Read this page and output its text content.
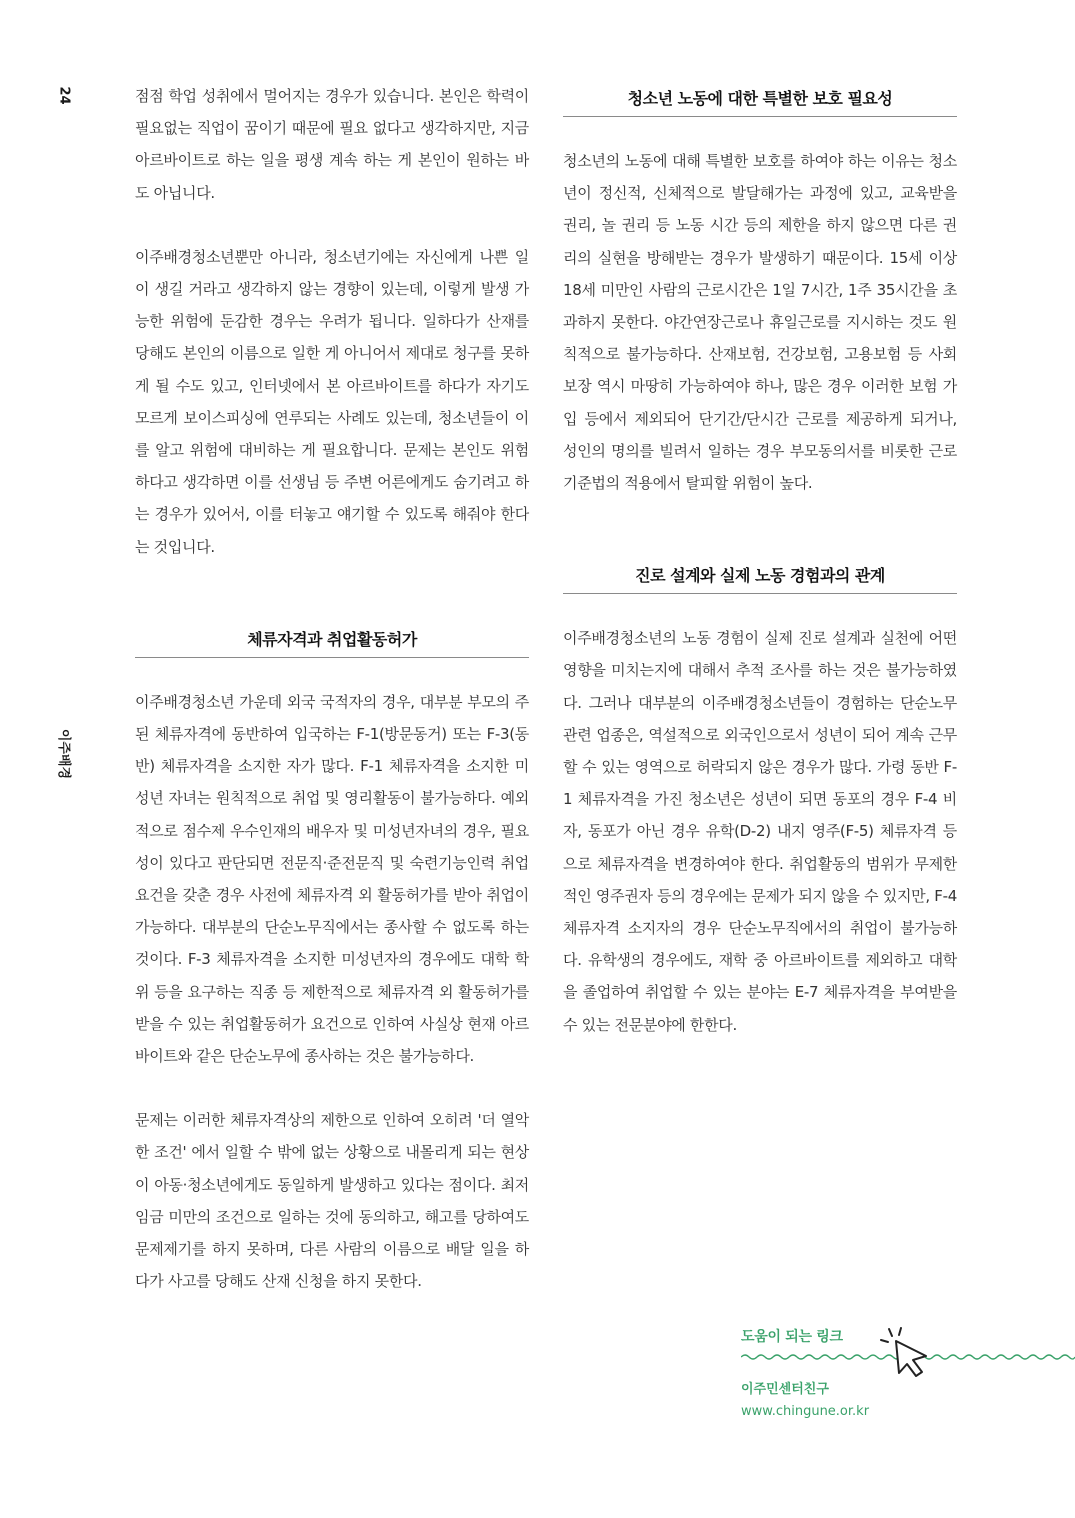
24
이주배경

점점 학업 성취에서 멀어지는 경우가 있습니다. 본인은 학력이 필요없는 직업이 꿈이기 때문에 필요 없다고 생각하지만, 지금 아르바이트로 하는 일을 평생 계속 하는 게 본인이 원하는 바도 아닙니다.

이주배경청소년뿐만 아니라, 청소년기에는 자신에게 나쁜 일이 생길 거라고 생각하지 않는 경향이 있는데, 이렇게 발생 가능한 위험에 둔감한 경우는 우려가 됩니다. 일하다가 산재를 당해도 본인의 이름으로 일한 게 아니어서 제대로 청구를 못하게 될 수도 있고, 인터넷에서 본 아르바이트를 하다가 자기도 모르게 보이스피싱에 연루되는 사례도 있는데, 청소년들이 이를 알고 위험에 대비하는 게 필요합니다. 문제는 본인도 위험하다고 생각하면 이를 선생님 등 주변 어른에게도 숨기려고 하는 경우가 있어서, 이를 터놓고 얘기할 수 있도록 해줘야 한다는 것입니다.

체류자격과 취업활동허가

이주배경청소년 가운데 외국 국적자의 경우, 대부분 부모의 주된 체류자격에 동반하여 입국하는 F-1(방문동거) 또는 F-3(동반) 체류자격을 소지한 자가 많다. F-1 체류자격을 소지한 미성년 자녀는 원칙적으로 취업 및 영리활동이 불가능하다. 예외적으로 점수제 우수인재의 배우자 및 미성년자녀의 경우, 필요성이 있다고 판단되면 전문직·준전문직 및 숙련기능인력 취업 요건을 갖춘 경우 사전에 체류자격 외 활동허가를 받아 취업이 가능하다. 대부분의 단순노무직에서는 종사할 수 없도록 하는 것이다. F-3 체류자격을 소지한 미성년자의 경우에도 대학 학위 등을 요구하는 직종 등 제한적으로 체류자격 외 활동허가를 받을 수 있는 취업활동허가 요건으로 인하여 사실상 현재 아르바이트와 같은 단순노무에 종사하는 것은 불가능하다.

문제는 이러한 체류자격상의 제한으로 인하여 오히려 '더 열악한 조건' 에서 일할 수 밖에 없는 상황으로 내몰리게 되는 현상이 아동·청소년에게도 동일하게 발생하고 있다는 점이다. 최저임금 미만의 조건으로 일하는 것에 동의하고, 해고를 당하여도 문제제기를 하지 못하며, 다른 사람의 이름으로 배달 일을 하다가 사고를 당해도 산재 신청을 하지 못한다.

청소년 노동에 대한 특별한 보호 필요성

청소년의 노동에 대해 특별한 보호를 하여야 하는 이유는 청소년이 정신적, 신체적으로 발달해가는 과정에 있고, 교육받을 권리, 놀 권리 등 노동 시간 등의 제한을 하지 않으면 다른 권리의 실현을 방해받는 경우가 발생하기 때문이다. 15세 이상 18세 미만인 사람의 근로시간은 1일 7시간, 1주 35시간을 초과하지 못한다. 야간연장근로나 휴일근로를 지시하는 것도 원칙적으로 불가능하다. 산재보험, 건강보험, 고용보험 등 사회보장 역시 마땅히 가능하여야 하나, 많은 경우 이러한 보험 가입 등에서 제외되어 단기간/단시간 근로를 제공하게 되거나, 성인의 명의를 빌려서 일하는 경우 부모동의서를 비롯한 근로기준법의 적용에서 탈피할 위험이 높다.

진로 설계와 실제 노동 경험과의 관계

이주배경청소년의 노동 경험이 실제 진로 설계과 실천에 어떤 영향을 미치는지에 대해서 추적 조사를 하는 것은 불가능하였다. 그러나 대부분의 이주배경청소년들이 경험하는 단순노무 관련 업종은, 역설적으로 외국인으로서 성년이 되어 계속 근무할 수 있는 영역으로 허락되지 않은 경우가 많다. 가령 동반 F-1 체류자격을 가진 청소년은 성년이 되면 동포의 경우 F-4 비자, 동포가 아닌 경우 유학(D-2) 내지 영주(F-5) 체류자격 등으로 체류자격을 변경하여야 한다. 취업활동의 범위가 무제한적인 영주권자 등의 경우에는 문제가 되지 않을 수 있지만, F-4 체류자격 소지자의 경우 단순노무직에서의 취업이 불가능하다. 유학생의 경우에도, 재학 중 아르바이트를 제외하고 대학을 졸업하여 취업할 수 있는 분야는 E-7 체류자격을 부여받을 수 있는 전문분야에 한한다.

도움이 되는 링크
이주민센터친구
www.chingune.or.kr
